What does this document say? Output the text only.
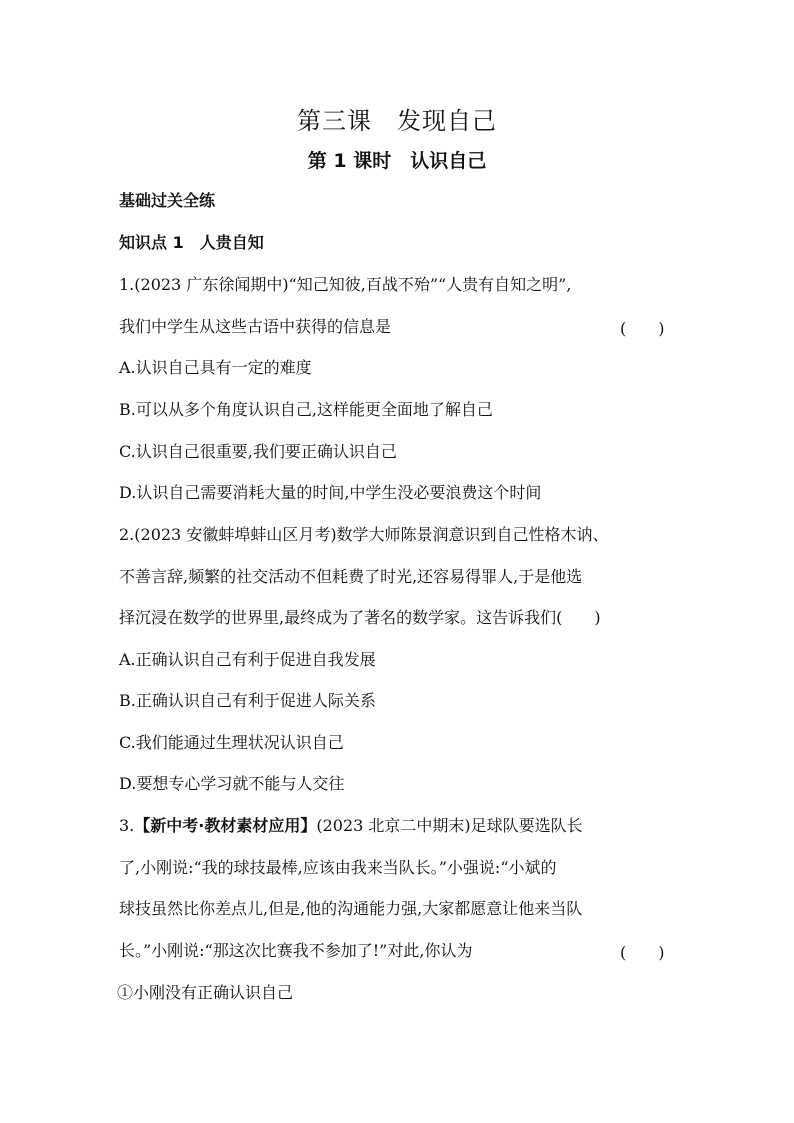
第三课　发现自己
第 1 课时　认识自己
基础过关全练
知识点 1　人贵自知
1.(2023 广东徐闻期中)“知己知彼,百战不殆”“人贵有自知之明”,
我们中学生从这些古语中获得的信息是	(　　)
A.认识自己具有一定的难度
B.可以从多个角度认识自己,这样能更全面地了解自己
C.认识自己很重要,我们要正确认识自己
D.认识自己需要消耗大量的时间,中学生没必要浪费这个时间
2.(2023 安徽蚌埠蚌山区月考)数学大师陈景润意识到自己性格木讷、
不善言辞,频繁的社交活动不但耗费了时光,还容易得罪人,于是他选
择沉浸在数学的世界里,最终成为了著名的数学家。这告诉我们(　　)
A.正确认识自己有利于促进自我发展
B.正确认识自己有利于促进人际关系
C.我们能通过生理状况认识自己
D.要想专心学习就不能与人交往
3.【新中考·教材素材应用】(2023 北京二中期末)足球队要选队长
了,小刚说:“我的球技最棒,应该由我来当队长。”小强说:“小斌的
球技虽然比你差点儿,但是,他的沟通能力强,大家都愿意让他来当队
长。”小刚说:“那这次比赛我不参加了!”对此,你认为	(　　)
①小刚没有正确认识自己
